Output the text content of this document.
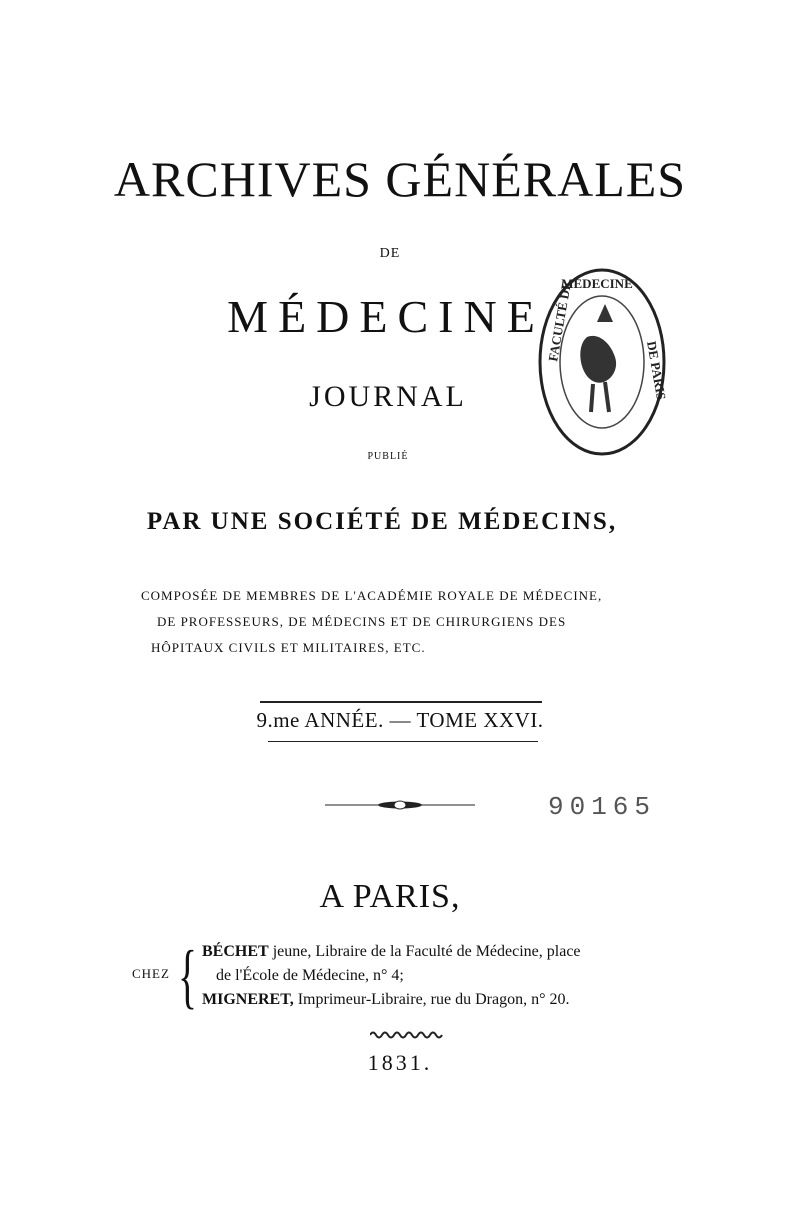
ARCHIVES GÉNÉRALES
DE
MÉDECINE
JOURNAL
PUBLIÉ
PAR UNE SOCIÉTÉ DE MÉDECINS,
COMPOSÉE DE MEMBRES DE L'ACADÉMIE ROYALE DE MÉDECINE,
DE PROFESSEURS, DE MÉDECINS ET DE CHIRURGIENS DES
HÔPITAUX CIVILS ET MILITAIRES, ETC.
9.me ANNÉE. — TOME XXVI.
90165
A PARIS,
CHEZ { BÉCHET jeune, Libraire de la Faculté de Médecine, place
de l'École de Médecine, n° 4;
MIGNERET, Imprimeur-Libraire, rue du Dragon, n° 20.
1831.
FACULTÉ DE
MÉDECINE
DE PARIS
